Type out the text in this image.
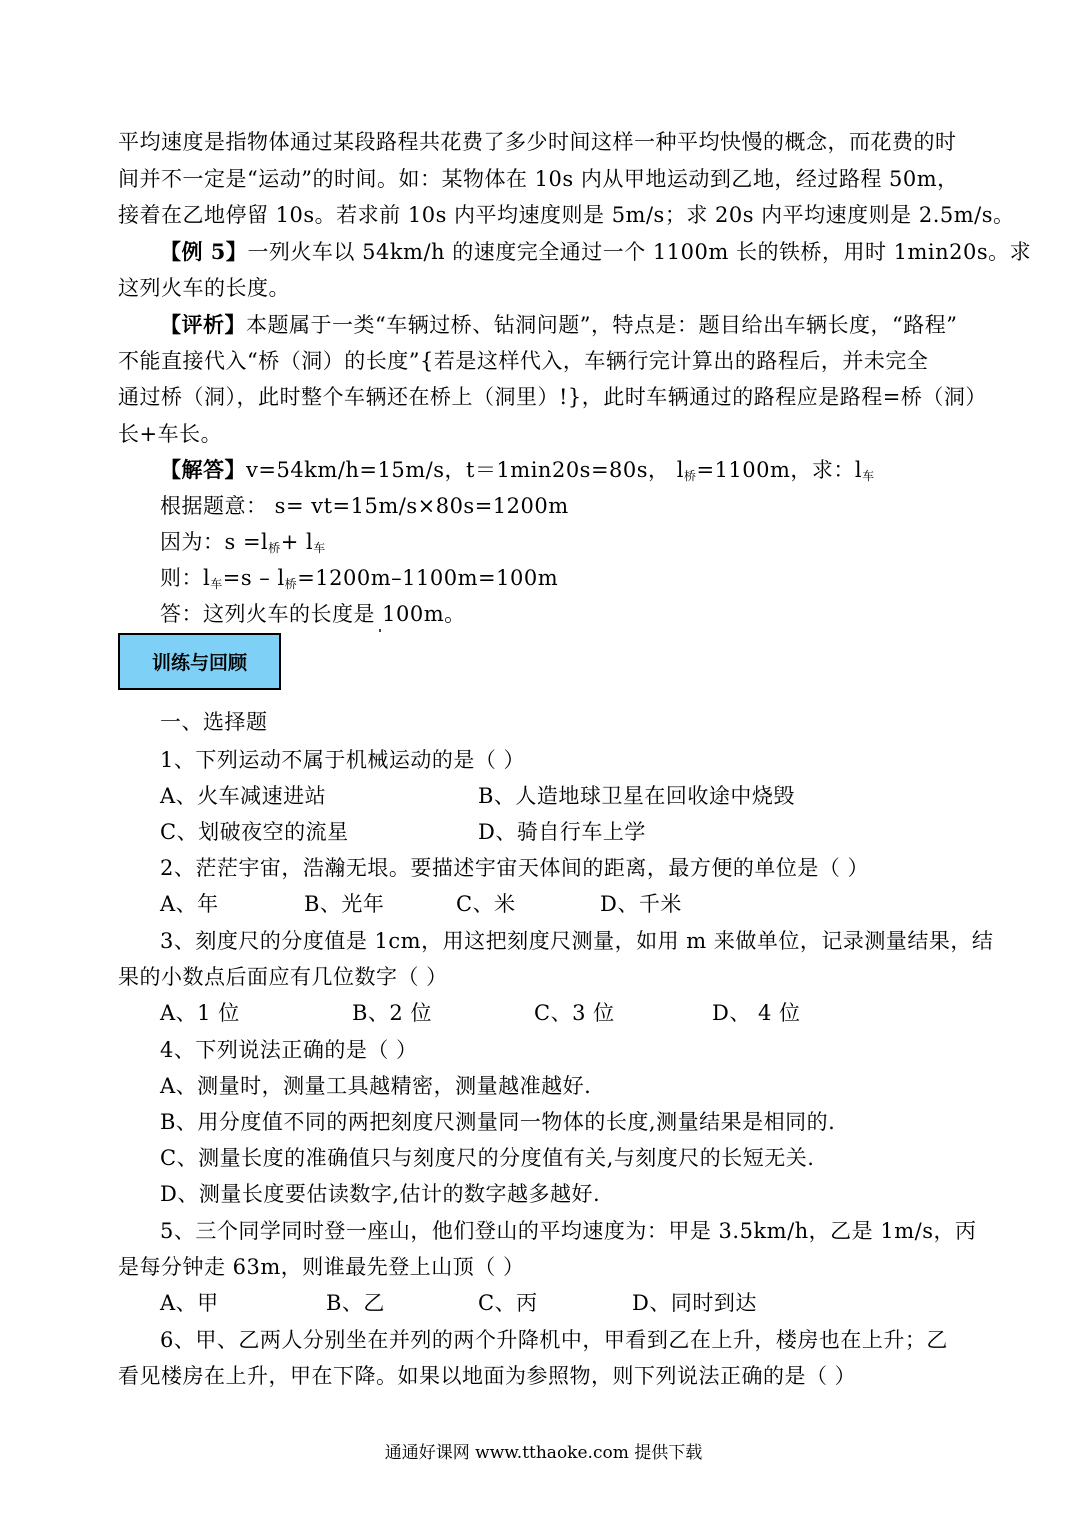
平均速度是指物体通过某段路程共花费了多少时间这样一种平均快慢的概念，而花费的时
间并不一定是“运动”的时间。如：某物体在 10s 内从甲地运动到乙地，经过路程 50m，
接着在乙地停留 10s。若求前 10s 内平均速度则是 5m/s；求 20s 内平均速度则是 2.5m/s。
【例 5】一列火车以 54km/h 的速度完全通过一个 1100m 长的铁桥，用时 1min20s。求
这列火车的长度。
【评析】本题属于一类“车辆过桥、钻洞问题”，特点是：题目给出车辆长度，“路程”
不能直接代入“桥（洞）的长度”{若是这样代入，车辆行完计算出的路程后，并未完全
通过桥（洞），此时整个车辆还在桥上（洞里）!}，此时车辆通过的路程应是路程=桥（洞）
长+车长。
【解答】v=54km/h=15m/s，t＝1min20s=80s， $l_桥=1100m$，求：$l_车$
根据题意： s= vt=15m/s×80s=1200m
因为：$s =l_桥+ l_车$
则：$l_车=s - l_桥=1200m-1100m=100m$
答：这列火车的长度是 100m。
训练与回顾
一、选择题
1、下列运动不属于机械运动的是（ ）
A、火车减速进站	B、人造地球卫星在回收途中烧毁
C、划破夜空的流星	D、骑自行车上学
2、茫茫宇宙，浩瀚无垠。要描述宇宙天体间的距离，最方便的单位是（ ）
A、年	B、光年	C、米	D、千米
3、刻度尺的分度值是 1cm，用这把刻度尺测量，如用 m 来做单位，记录测量结果，结
果的小数点后面应有几位数字（ ）
A、1 位	B、2 位	C、3 位	D、 4 位
4、下列说法正确的是（ ）
A、测量时，测量工具越精密，测量越准越好.
B、用分度值不同的两把刻度尺测量同一物体的长度,测量结果是相同的.
C、测量长度的准确值只与刻度尺的分度值有关,与刻度尺的长短无关.
D、测量长度要估读数字,估计的数字越多越好.
5、三个同学同时登一座山，他们登山的平均速度为：甲是 3.5km/h，乙是 1m/s，丙
是每分钟走 63m，则谁最先登上山顶（ ）
A、甲	B、乙	C、丙	D、同时到达
6、甲、乙两人分别坐在并列的两个升降机中，甲看到乙在上升，楼房也在上升；乙
看见楼房在上升，甲在下降。如果以地面为参照物，则下列说法正确的是（ ）
通通好课网 www.tthaoke.com 提供下载
